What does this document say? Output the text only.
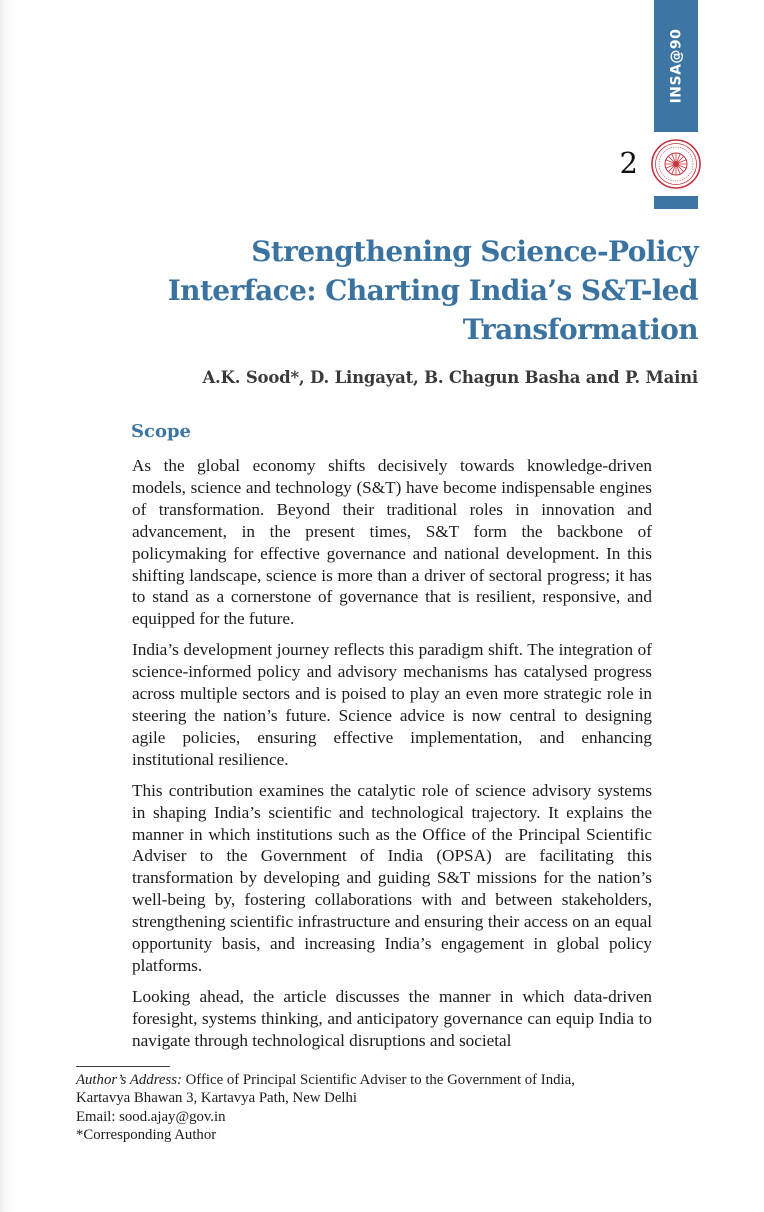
INSA@90
2
Strengthening Science-Policy
Interface: Charting India’s S&T-led
Transformation
A.K. Sood*, D. Lingayat, B. Chagun Basha and P. Maini
Scope

As the global economy shifts decisively towards knowledge-driven models, science and technology (S&T) have become indispensable engines of transformation. Beyond their traditional roles in innovation and advancement, in the present times, S&T form the backbone of policymaking for effective governance and national development. In this shifting landscape, science is more than a driver of sectoral progress; it has to stand as a cornerstone of governance that is resilient, responsive, and equipped for the future.

India’s development journey reflects this paradigm shift. The integration of science-informed policy and advisory mechanisms has catalysed progress across multiple sectors and is poised to play an even more strategic role in steering the nation’s future. Science advice is now central to designing agile policies, ensuring effective implementation, and enhancing institutional resilience.

This contribution examines the catalytic role of science advisory systems in shaping India’s scientific and technological trajectory. It explains the manner in which institutions such as the Office of the Principal Scientific Adviser to the Government of India (OPSA) are facilitating this transformation by developing and guiding S&T missions for the nation’s well-being by, fostering collaborations with and between stakeholders, strengthening scientific infrastructure and ensuring their access on an equal opportunity basis, and increasing India’s engagement in global policy platforms.

Looking ahead, the article discusses the manner in which data-driven foresight, systems thinking, and anticipatory governance can equip India to navigate through technological disruptions and societal

Author’s Address: Office of Principal Scientific Adviser to the Government of India,
Kartavya Bhawan 3, Kartavya Path, New Delhi
Email: sood.ajay@gov.in
*Corresponding Author
